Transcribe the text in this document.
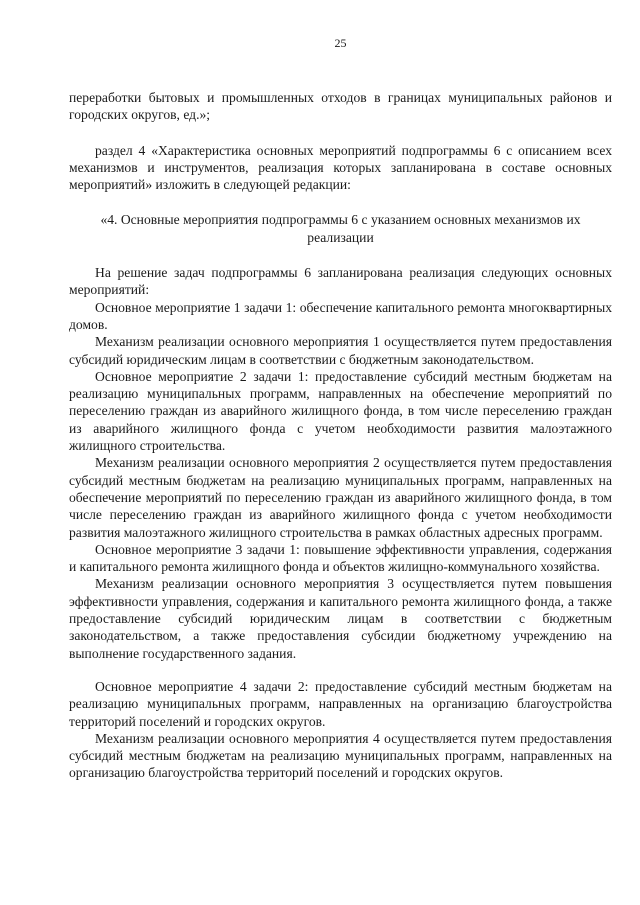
25

переработки бытовых и промышленных отходов в границах муниципальных районов и городских округов, ед.»;

раздел 4 «Характеристика основных мероприятий подпрограммы 6 с описанием всех механизмов и инструментов, реализация которых запланирована в составе основных мероприятий» изложить в следующей редакции:

«4. Основные мероприятия подпрограммы 6 с указанием основных механизмов их реализации

На решение задач подпрограммы 6 запланирована реализация следующих основных мероприятий:

Основное мероприятие 1 задачи 1: обеспечение капитального ремонта многоквартирных домов.

Механизм реализации основного мероприятия 1 осуществляется путем предоставления субсидий юридическим лицам в соответствии с бюджетным законодательством.

Основное мероприятие 2 задачи 1: предоставление субсидий местным бюджетам на реализацию муниципальных программ, направленных на обеспечение мероприятий по переселению граждан из аварийного жилищного фонда, в том числе переселению граждан из аварийного жилищного фонда с учетом необходимости развития малоэтажного жилищного строительства.

Механизм реализации основного мероприятия 2 осуществляется путем предоставления субсидий местным бюджетам на реализацию муниципальных программ, направленных на обеспечение мероприятий по переселению граждан из аварийного жилищного фонда, в том числе переселению граждан из аварийного жилищного фонда с учетом необходимости развития малоэтажного жилищного строительства в рамках областных адресных программ.

Основное мероприятие 3 задачи 1: повышение эффективности управления, содержания и капитального ремонта жилищного фонда и объектов жилищно-коммунального хозяйства.

Механизм реализации основного мероприятия 3 осуществляется путем повышения эффективности управления, содержания и капитального ремонта жилищного фонда, а также предоставление субсидий юридическим лицам в соответствии с бюджетным законодательством, а также предоставления субсидии бюджетному учреждению на выполнение государственного задания.

Основное мероприятие 4 задачи 2: предоставление субсидий местным бюджетам на реализацию муниципальных программ, направленных на организацию благоустройства территорий поселений и городских округов.

Механизм реализации основного мероприятия 4 осуществляется путем предоставления субсидий местным бюджетам на реализацию муниципальных программ, направленных на организацию благоустройства территорий поселений и городских округов.
